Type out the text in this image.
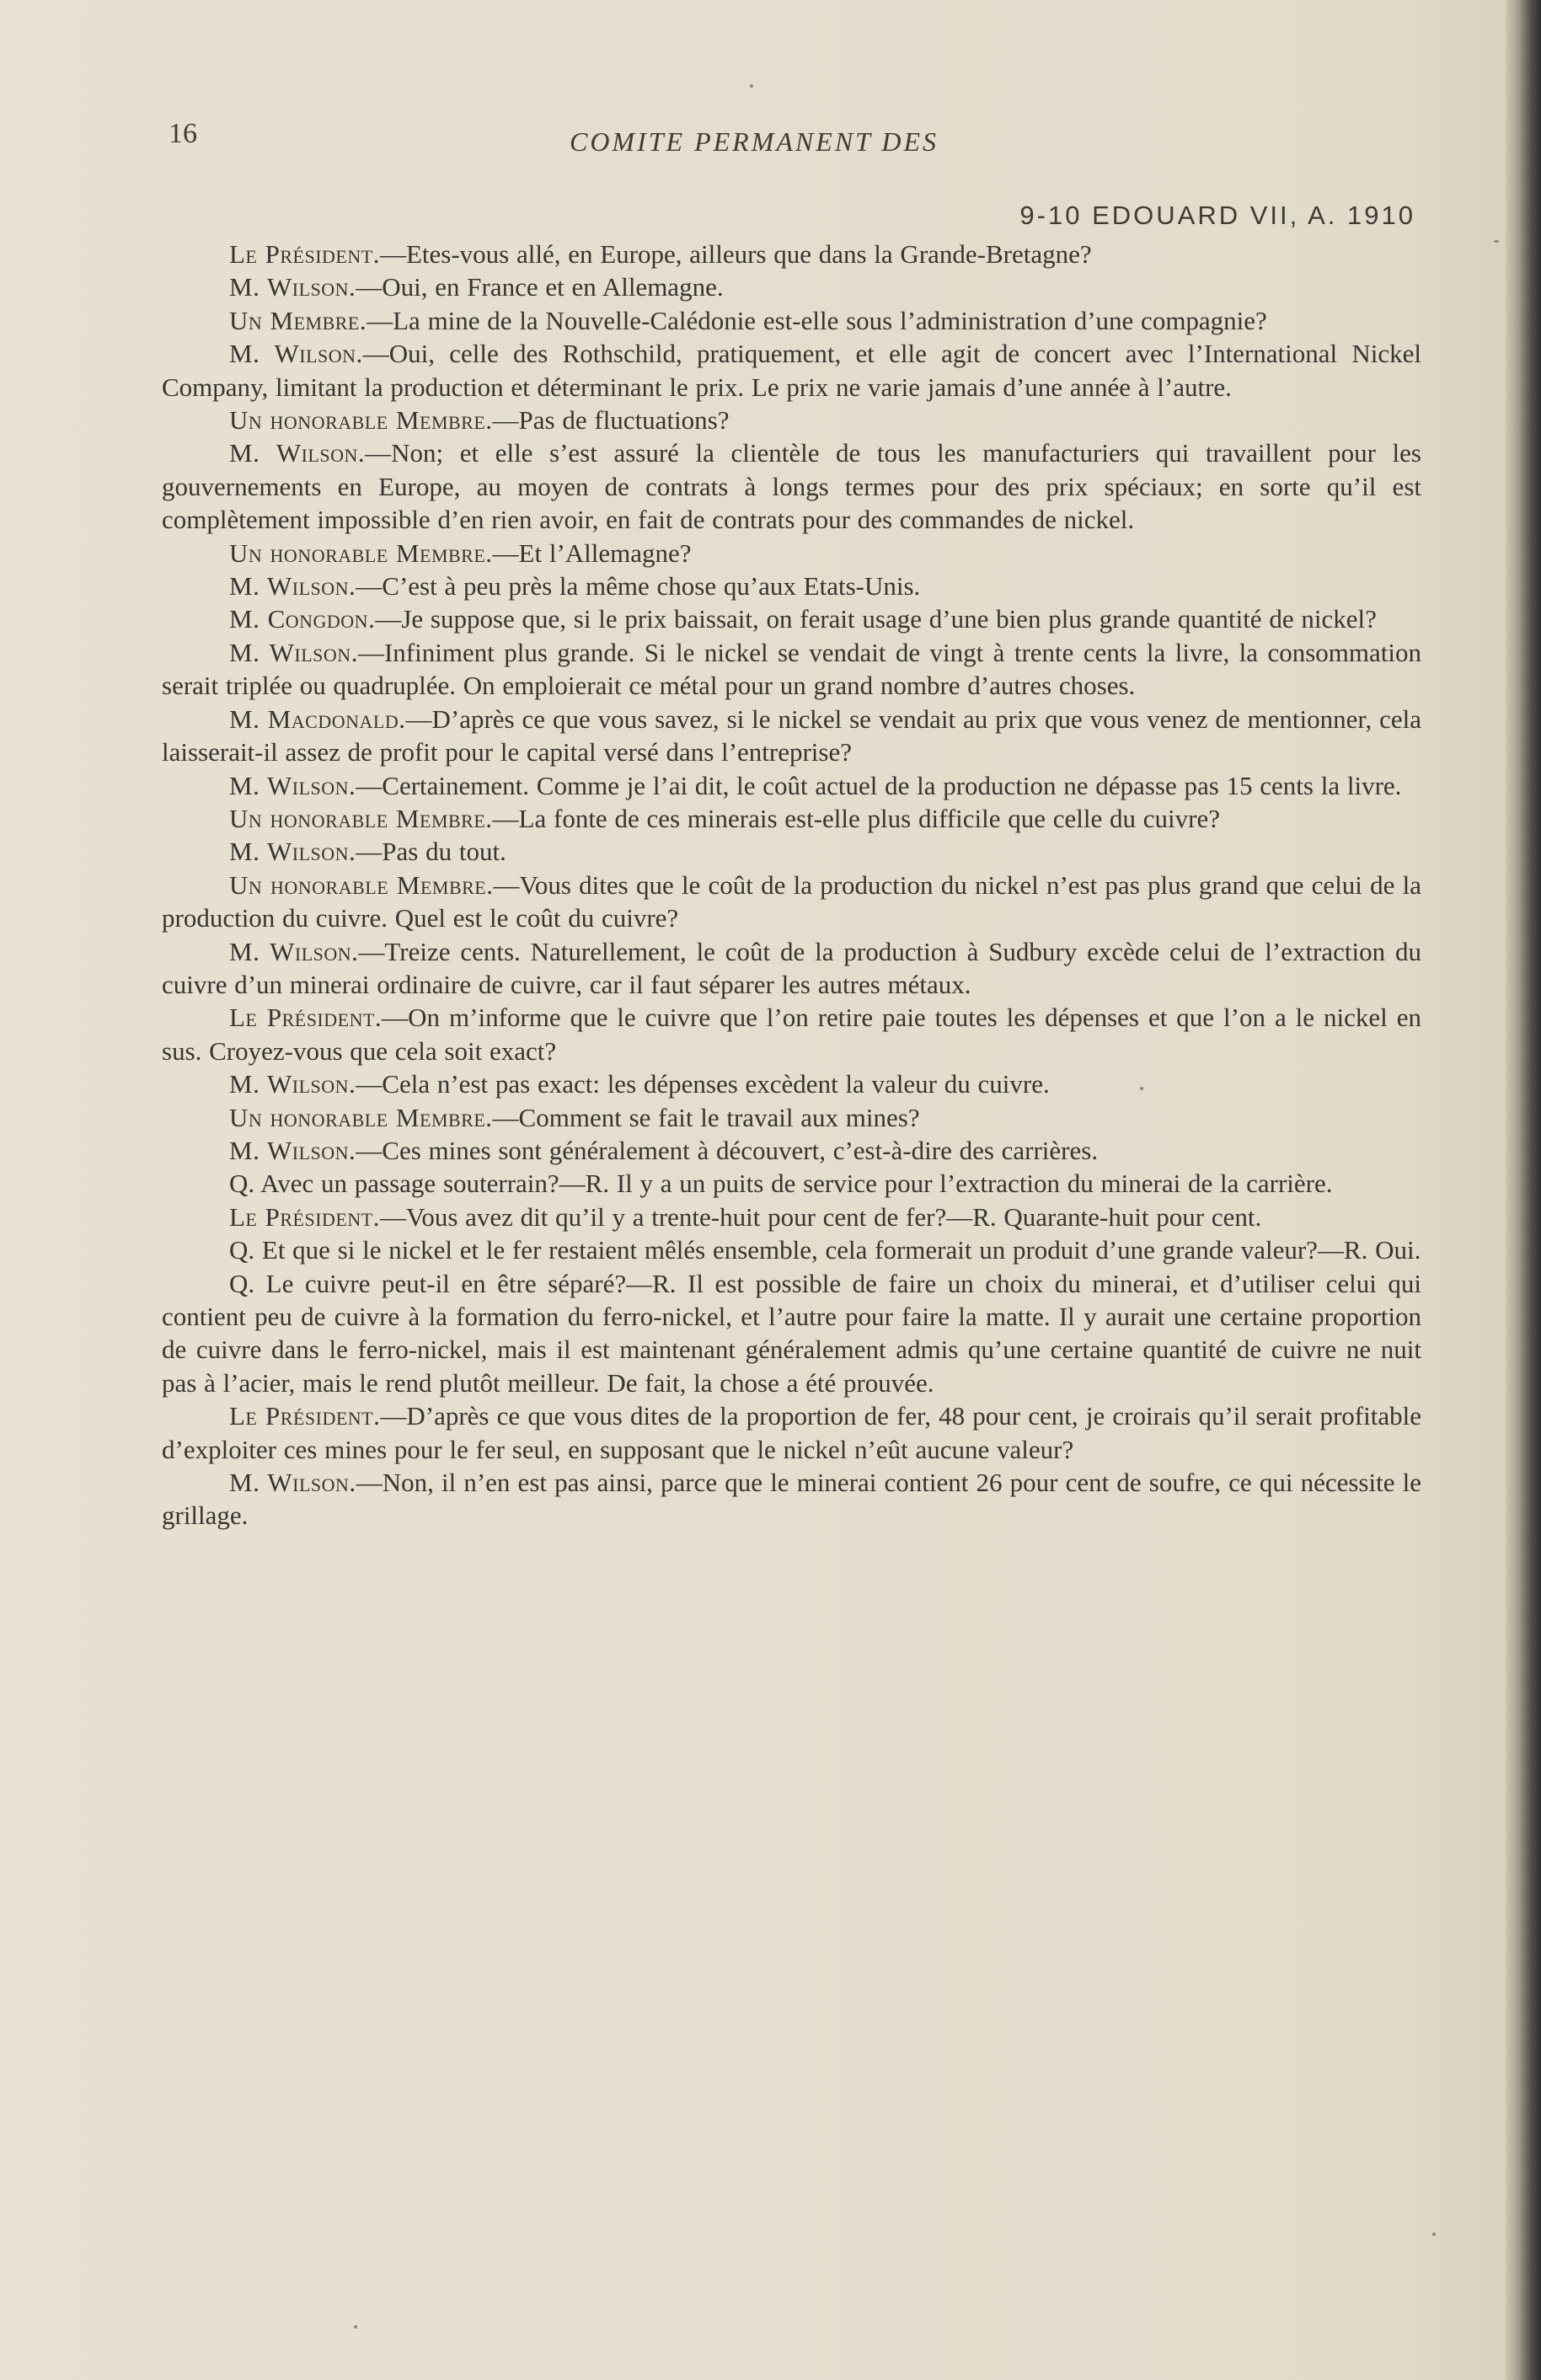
16	COMITE PERMANENT DES
9-10 EDOUARD VII, A. 1910

Le Président.—Etes-vous allé, en Europe, ailleurs que dans la Grande-Bretagne?

M. Wilson.—Oui, en France et en Allemagne.

Un Membre.—La mine de la Nouvelle-Calédonie est-elle sous l’administration d’une compagnie?

M. Wilson.—Oui, celle des Rothschild, pratiquement, et elle agit de concert avec l’International Nickel Company, limitant la production et déterminant le prix. Le prix ne varie jamais d’une année à l’autre.

Un honorable Membre.—Pas de fluctuations?

M. Wilson.—Non; et elle s’est assuré la clientèle de tous les manufacturiers qui travaillent pour les gouvernements en Europe, au moyen de contrats à longs termes pour des prix spéciaux; en sorte qu’il est complètement impossible d’en rien avoir, en fait de contrats pour des commandes de nickel.

Un honorable Membre.—Et l’Allemagne?

M. Wilson.—C’est à peu près la même chose qu’aux Etats-Unis.

M. Congdon.—Je suppose que, si le prix baissait, on ferait usage d’une bien plus grande quantité de nickel?

M. Wilson.—Infiniment plus grande. Si le nickel se vendait de vingt à trente cents la livre, la consommation serait triplée ou quadruplée. On emploierait ce métal pour un grand nombre d’autres choses.

M. Macdonald.—D’après ce que vous savez, si le nickel se vendait au prix que vous venez de mentionner, cela laisserait-il assez de profit pour le capital versé dans l’entreprise?

M. Wilson.—Certainement. Comme je l’ai dit, le coût actuel de la production ne dépasse pas 15 cents la livre.

Un honorable Membre.—La fonte de ces minerais est-elle plus difficile que celle du cuivre?

M. Wilson.—Pas du tout.

Un honorable Membre.—Vous dites que le coût de la production du nickel n’est pas plus grand que celui de la production du cuivre. Quel est le coût du cuivre?

M. Wilson.—Treize cents. Naturellement, le coût de la production à Sudbury excède celui de l’extraction du cuivre d’un minerai ordinaire de cuivre, car il faut séparer les autres métaux.

Le Président.—On m’informe que le cuivre que l’on retire paie toutes les dépenses et que l’on a le nickel en sus. Croyez-vous que cela soit exact?

M. Wilson.—Cela n’est pas exact: les dépenses excèdent la valeur du cuivre.

Un honorable Membre.—Comment se fait le travail aux mines?

M. Wilson.—Ces mines sont généralement à découvert, c’est-à-dire des carrières.

Q. Avec un passage souterrain?—R. Il y a un puits de service pour l’extraction du minerai de la carrière.

Le Président.—Vous avez dit qu’il y a trente-huit pour cent de fer?—R. Quarante-huit pour cent.

Q. Et que si le nickel et le fer restaient mêlés ensemble, cela formerait un produit d’une grande valeur?—R. Oui.

Q. Le cuivre peut-il en être séparé?—R. Il est possible de faire un choix du minerai, et d’utiliser celui qui contient peu de cuivre à la formation du ferro-nickel, et l’autre pour faire la matte. Il y aurait une certaine proportion de cuivre dans le ferro-nickel, mais il est maintenant généralement admis qu’une certaine quantité de cuivre ne nuit pas à l’acier, mais le rend plutôt meilleur. De fait, la chose a été prouvée.

Le Président.—D’après ce que vous dites de la proportion de fer, 48 pour cent, je croirais qu’il serait profitable d’exploiter ces mines pour le fer seul, en supposant que le nickel n’eût aucune valeur?

M. Wilson.—Non, il n’en est pas ainsi, parce que le minerai contient 26 pour cent de soufre, ce qui nécessite le grillage.
